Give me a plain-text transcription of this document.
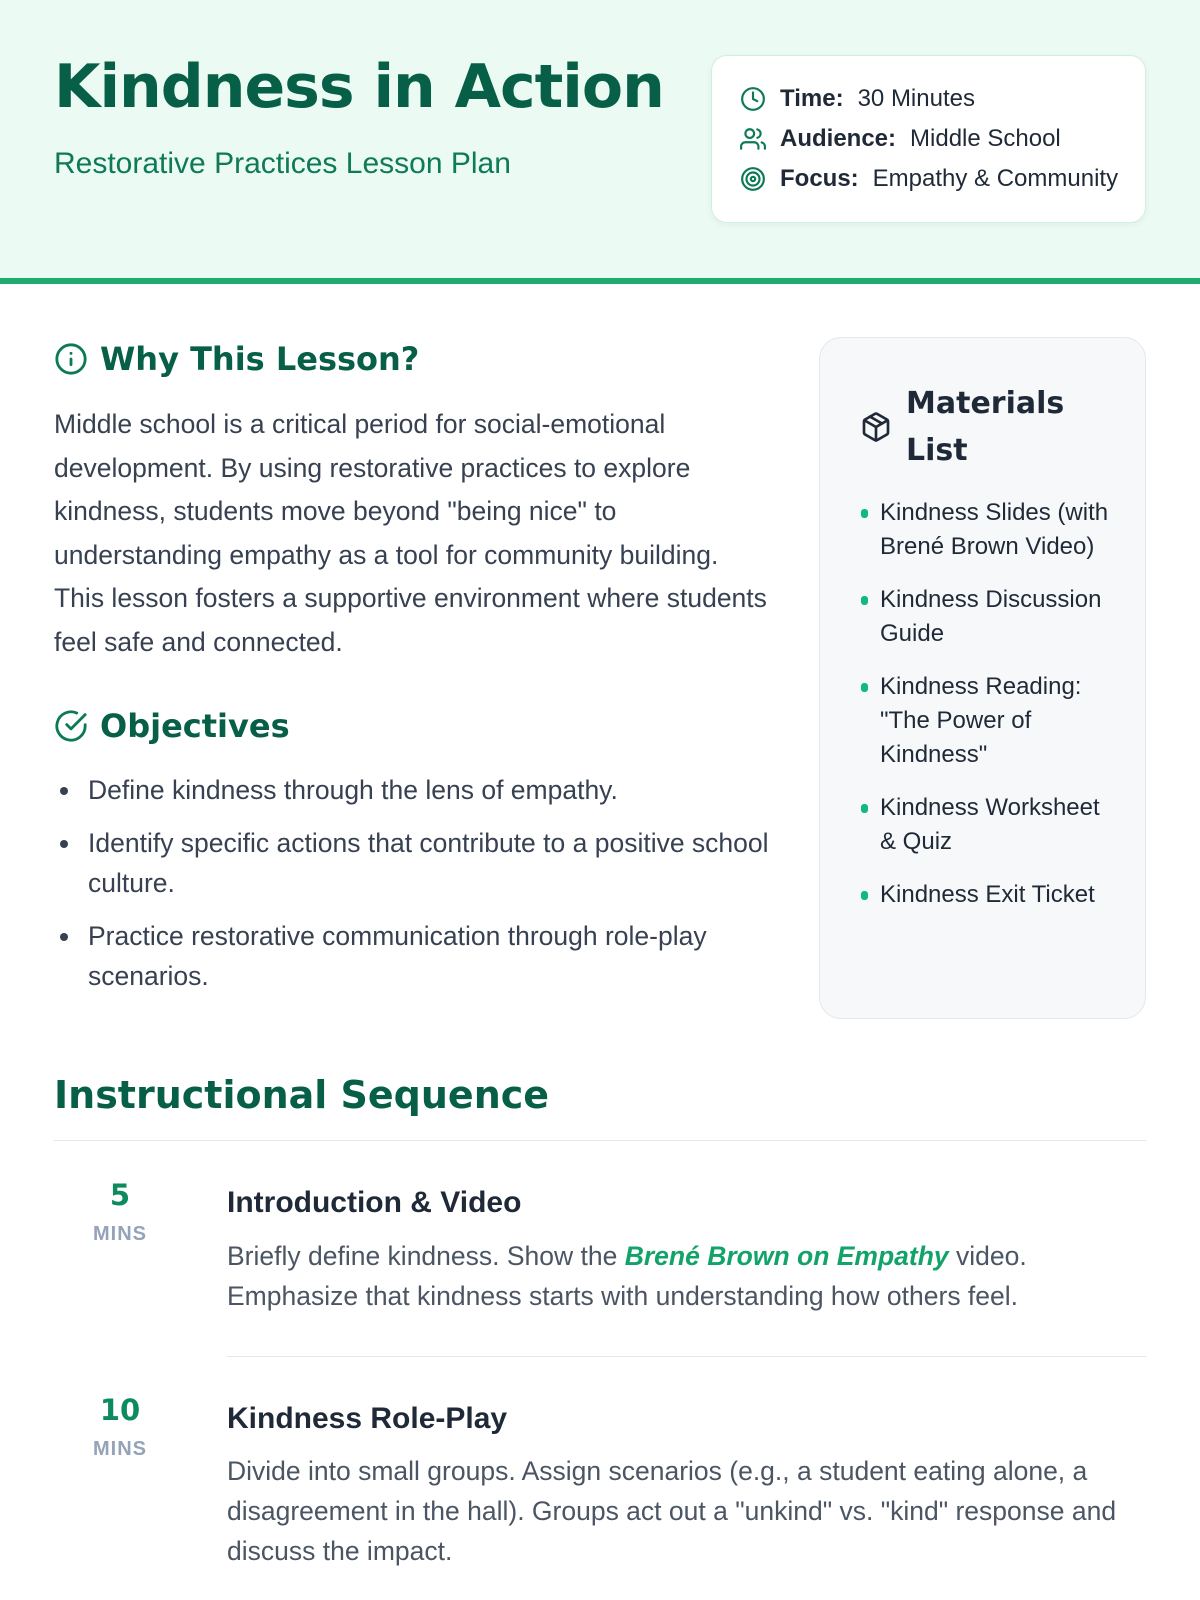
Kindness in Action
Restorative Practices Lesson Plan
Time: 30 Minutes
Audience: Middle School
Focus: Empathy & Community
Why This Lesson?

Middle school is a critical period for social-emotional development. By using restorative practices to explore kindness, students move beyond "being nice" to understanding empathy as a tool for community building. This lesson fosters a supportive environment where students feel safe and connected.

Objectives
Define kindness through the lens of empathy.
Identify specific actions that contribute to a positive school culture.
Practice restorative communication through role-play scenarios.
Materials List
Kindness Slides (with Brené Brown Video)
Kindness Discussion Guide
Kindness Reading: "The Power of Kindness"
Kindness Worksheet & Quiz
Kindness Exit Ticket
Instructional Sequence
5
MINS
Introduction & Video

Briefly define kindness. Show the Brené Brown on Empathy video. Emphasize that kindness starts with understanding how others feel.

10
MINS
Kindness Role-Play

Divide into small groups. Assign scenarios (e.g., a student eating alone, a disagreement in the hall). Groups act out a "unkind" vs. "kind" response and discuss the impact.
